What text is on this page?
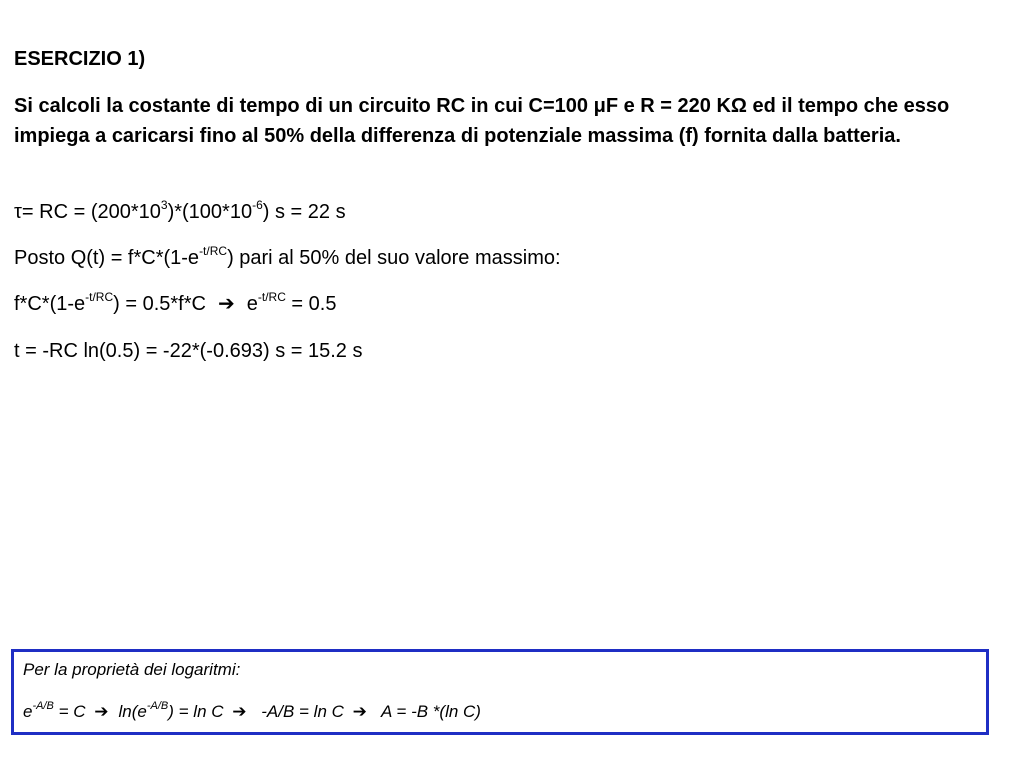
ESERCIZIO 1)
Si calcoli la costante di tempo di un circuito RC in cui C=100 μF e R = 220 KΩ ed il tempo che esso impiega a caricarsi fino al 50% della differenza di potenziale massima (f) fornita dalla batteria.
τ= RC = $(200*10^3)*(100*10^{-6}) s = 22$ s
Posto $Q(t) = f*C*(1-e^{-t/RC})$ pari al 50% del suo valore massimo:
$f*C*(1-e^{-t/RC}) = 0.5*f*C$ ➔ $e^{-t/RC} = 0.5$
t = -RC ln(0.5) = -22*(-0.693) s = 15.2 s
Per la proprietà dei logaritmi:
$e^{-A/B} = C$ ➔ $\ln(e^{-A/B}) = \ln C$ ➔ -A/B = ln C ➔ A = -B *(ln C)
